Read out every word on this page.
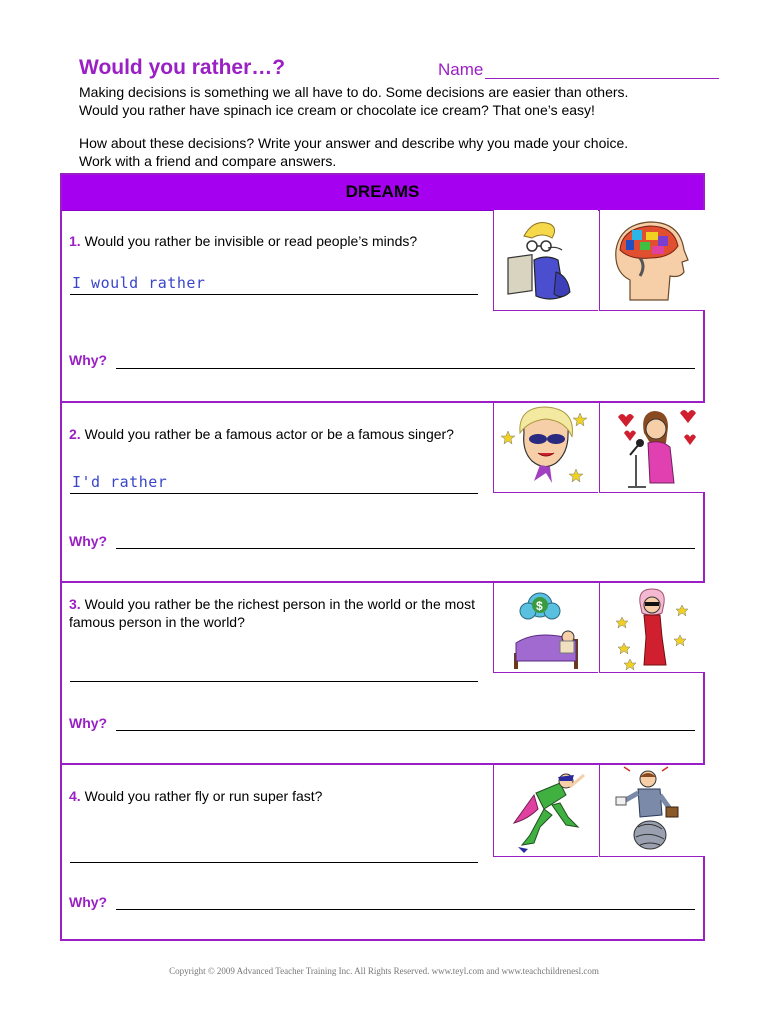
Would you rather…?	Name
Making decisions is something we all have to do. Some decisions are easier than others.
Would you rather have spinach ice cream or chocolate ice cream? That one’s easy!
How about these decisions? Write your answer and describe why you made your choice.
Work with a friend and compare answers.
DREAMS
1. Would you rather be invisible or read people’s minds?
I would rather
Why?
2. Would you rather be a famous actor or be a famous singer?
I'd rather
Why?
3. Would you rather be the richest person in the world or the most famous person in the world?
Why?
$
4. Would you rather fly or run super fast?
Why?
Copyright © 2009 Advanced Teacher Training Inc. All Rights Reserved. www.teyl.com and www.teachchildrenesl.com
